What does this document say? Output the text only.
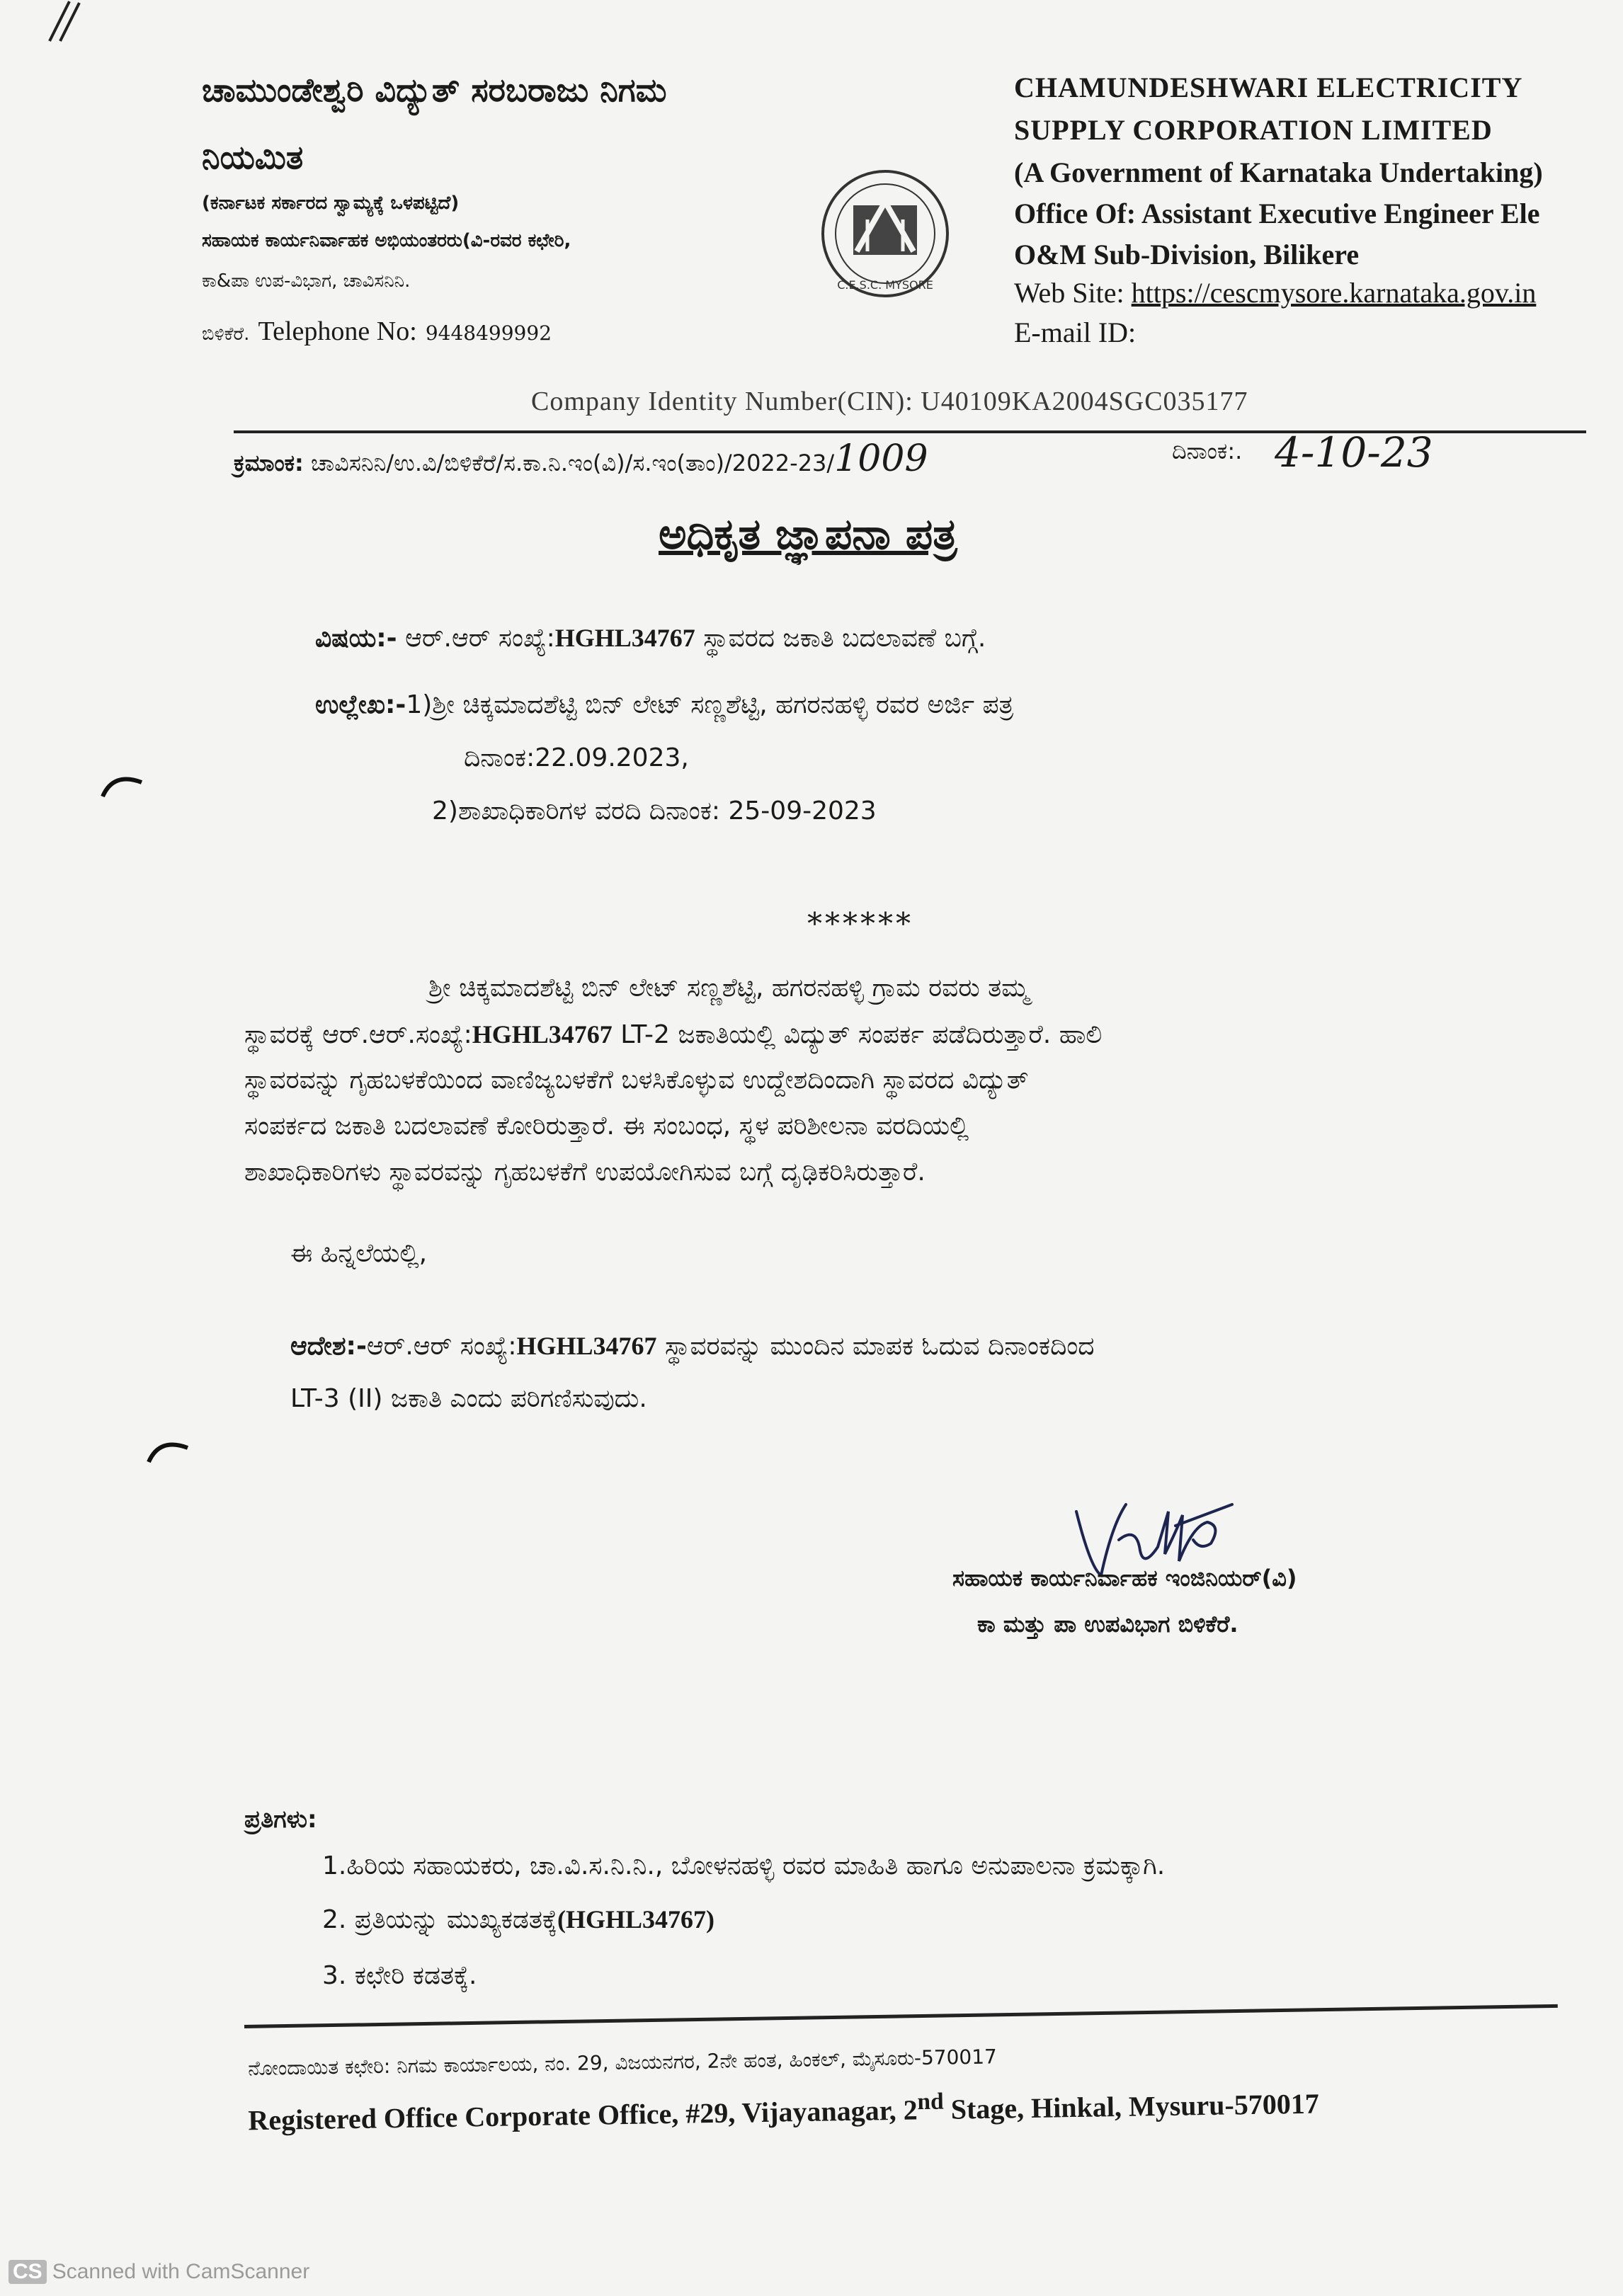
ಚಾಮುಂಡೇಶ್ವರಿ ವಿದ್ಯುತ್ ಸರಬರಾಜು ನಿಗಮ
ನಿಯಮಿತ
(ಕರ್ನಾಟಕ ಸರ್ಕಾರದ ಸ್ವಾಮ್ಯಕ್ಕೆ ಒಳಪಟ್ಟಿದೆ)
ಸಹಾಯಕ ಕಾರ್ಯನಿರ್ವಾಹಕ ಅಭಿಯಂತರರು(ವಿ-ರವರ ಕಛೇರಿ,
ಕಾ&ಪಾ ಉಪ-ವಿಭಾಗ, ಚಾವಿಸನಿನಿ.
ಬಿಳಿಕೆರೆ. Telephone No: 9448499992
C.E.S.C. MYSORE
CHAMUNDESHWARI ELECTRICITY
SUPPLY CORPORATION LIMITED
(A Government of Karnataka Undertaking)
Office Of: Assistant Executive Engineer Ele
O&M Sub-Division, Bilikere
Web Site: https://cescmysore.karnataka.gov.in
E-mail ID:
Company Identity Number(CIN): U40109KA2004SGC035177
ಕ್ರಮಾಂಕ: ಚಾವಿಸನಿನಿ/ಉ.ವಿ/ಬಿಳಿಕೆರೆ/ಸ.ಕಾ.ನಿ.ಇಂ(ವಿ)/ಸ.ಇಂ(ತಾಂ)/2022-23/1009	ದಿನಾಂಕ:. 4-10-23
ಅಧಿಕೃತ ಜ್ಞಾಪನಾ ಪತ್ರ
ವಿಷಯ:- ಆರ್.ಆರ್ ಸಂಖ್ಯೆ:HGHL34767 ಸ್ಥಾವರದ ಜಕಾತಿ ಬದಲಾವಣೆ ಬಗ್ಗೆ.
ಉಲ್ಲೇಖ:-1)ಶ್ರೀ ಚಿಕ್ಕಮಾದಶೆಟ್ಟಿ ಬಿನ್ ಲೇಟ್ ಸಣ್ಣಶೆಟ್ಟಿ, ಹಗರನಹಳ್ಳಿ ರವರ ಅರ್ಜಿ ಪತ್ರ
ದಿನಾಂಕ:22.09.2023,
2)ಶಾಖಾಧಿಕಾರಿಗಳ ವರದಿ ದಿನಾಂಕ: 25-09-2023
******
ಶ್ರೀ ಚಿಕ್ಕಮಾದಶೆಟ್ಟಿ ಬಿನ್ ಲೇಟ್ ಸಣ್ಣಶೆಟ್ಟಿ, ಹಗರನಹಳ್ಳಿ ಗ್ರಾಮ ರವರು ತಮ್ಮ
ಸ್ಥಾವರಕ್ಕೆ ಆರ್.ಆರ್.ಸಂಖ್ಯೆ:HGHL34767 LT-2 ಜಕಾತಿಯಲ್ಲಿ ವಿದ್ಯುತ್ ಸಂಪರ್ಕ ಪಡೆದಿರುತ್ತಾರೆ. ಹಾಲಿ
ಸ್ಥಾವರವನ್ನು ಗೃಹಬಳಕೆಯಿಂದ ವಾಣಿಜ್ಯಬಳಕೆಗೆ ಬಳಸಿಕೊಳ್ಳುವ ಉದ್ದೇಶದಿಂದಾಗಿ ಸ್ಥಾವರದ ವಿದ್ಯುತ್
ಸಂಪರ್ಕದ ಜಕಾತಿ ಬದಲಾವಣೆ ಕೋರಿರುತ್ತಾರೆ. ಈ ಸಂಬಂಧ, ಸ್ಥಳ ಪರಿಶೀಲನಾ ವರದಿಯಲ್ಲಿ
ಶಾಖಾಧಿಕಾರಿಗಳು ಸ್ಥಾವರವನ್ನು ಗೃಹಬಳಕೆಗೆ ಉಪಯೋಗಿಸುವ ಬಗ್ಗೆ ದೃಢಿಕರಿಸಿರುತ್ತಾರೆ.
ಈ ಹಿನ್ನಲೆಯಲ್ಲಿ,
ಆದೇಶ:-ಆರ್.ಆರ್ ಸಂಖ್ಯೆ:HGHL34767 ಸ್ಥಾವರವನ್ನು ಮುಂದಿನ ಮಾಪಕ ಓದುವ ದಿನಾಂಕದಿಂದ
LT-3 (II) ಜಕಾತಿ ಎಂದು ಪರಿಗಣಿಸುವುದು.
ಸಹಾಯಕ ಕಾರ್ಯನಿರ್ವಾಹಕ ಇಂಜಿನಿಯರ್(ವಿ)
ಕಾ ಮತ್ತು ಪಾ ಉಪವಿಭಾಗ ಬಿಳಿಕೆರೆ.
ಪ್ರತಿಗಳು:
1.ಹಿರಿಯ ಸಹಾಯಕರು, ಚಾ.ವಿ.ಸ.ನಿ.ನಿ., ಬೋಳನಹಳ್ಳಿ ರವರ ಮಾಹಿತಿ ಹಾಗೂ ಅನುಪಾಲನಾ ಕ್ರಮಕ್ಕಾಗಿ.
2. ಪ್ರತಿಯನ್ನು ಮುಖ್ಯಕಡತಕ್ಕೆ(HGHL34767)
3. ಕಛೇರಿ ಕಡತಕ್ಕೆ.
ನೋಂದಾಯಿತ ಕಛೇರಿ: ನಿಗಮ ಕಾರ್ಯಾಲಯ, ನಂ. 29, ವಿಜಯನಗರ, 2ನೇ ಹಂತ, ಹಿಂಕಲ್, ಮೈಸೂರು-570017
Registered Office Corporate Office, #29, Vijayanagar, 2nd Stage, Hinkal, Mysuru-570017
CS Scanned with CamScanner
